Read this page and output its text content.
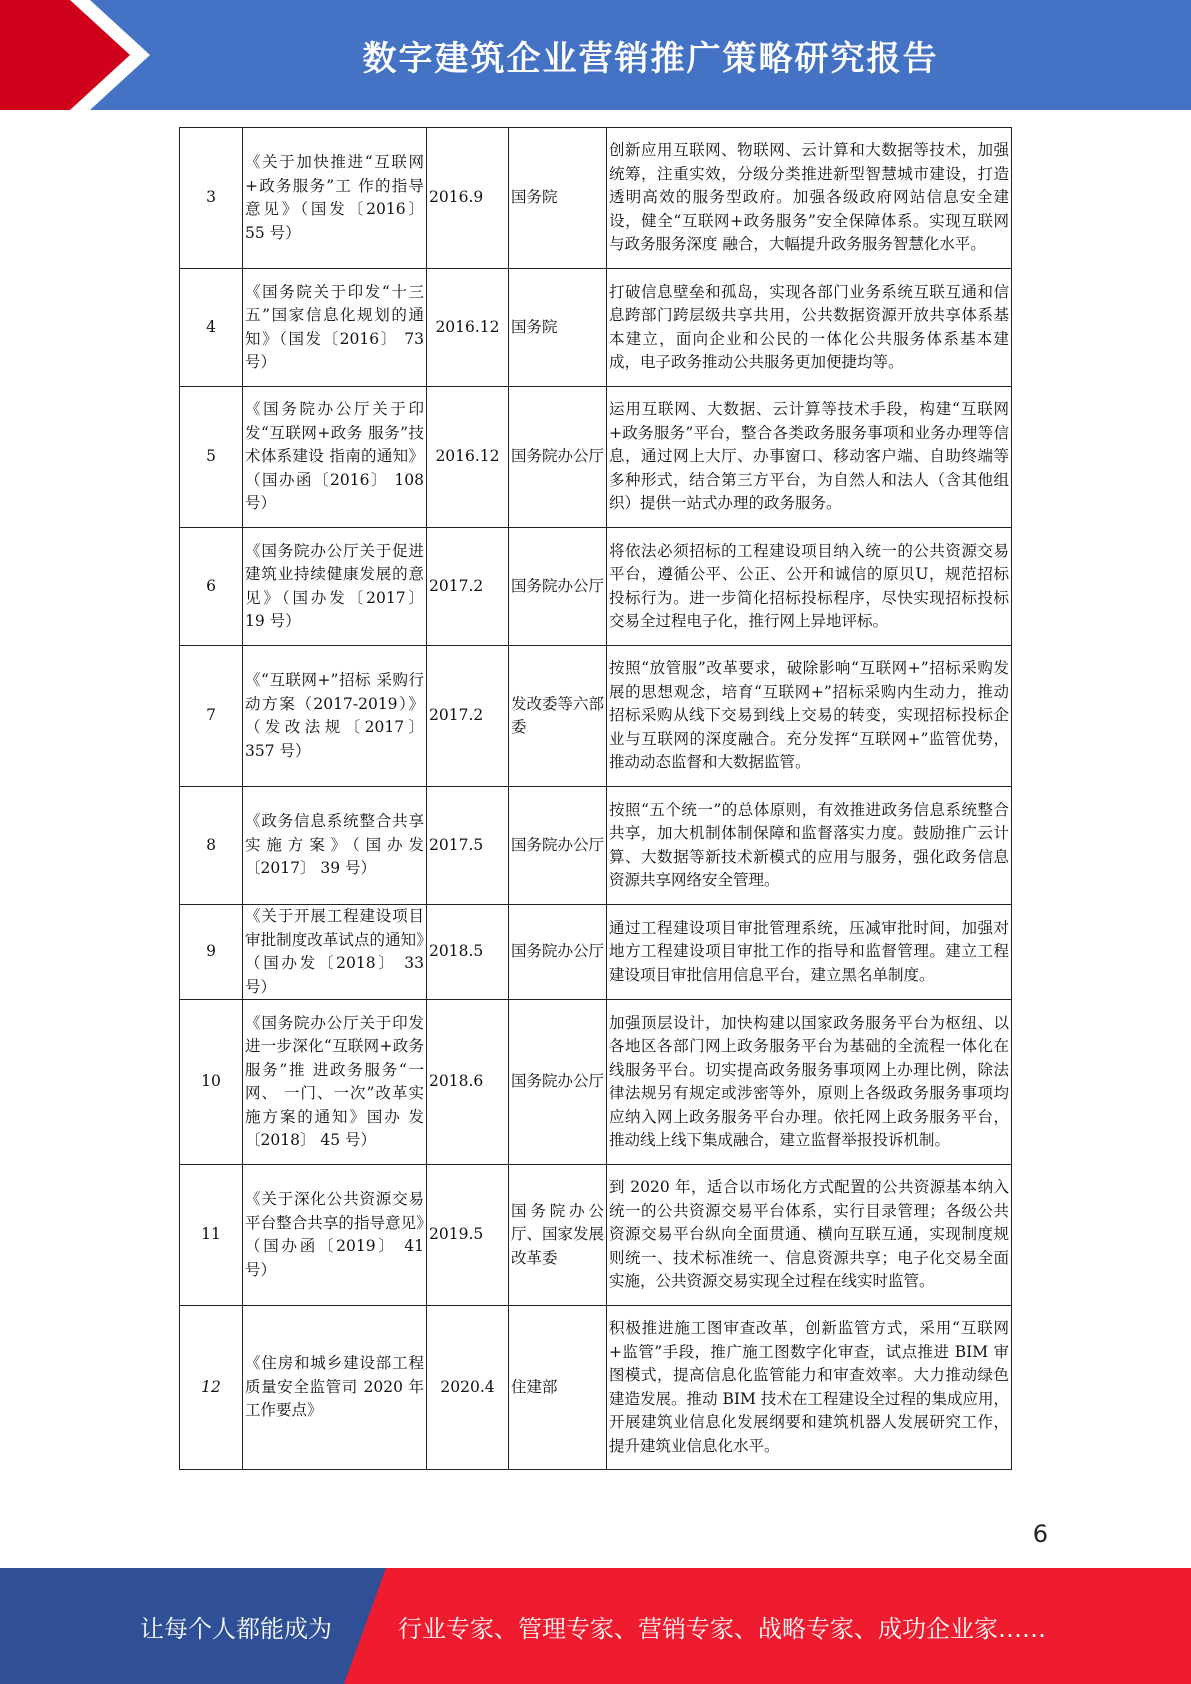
数字建筑企业营销推广策略研究报告
3	《关于加快推进“互联网+政务服务”工 作的指导意见》（国发〔2016〕 55 号）	2016.9	国务院	创新应用互联网、物联网、云计算和大数据等技术，加强统筹，注重实效，分级分类推进新型智慧城市建设，打造透明高效的服务型政府。加强各级政府网站信息安全建设，健全“互联网+政务服务”安全保障体系。实现互联网与政务服务深度 融合，大幅提升政务服务智慧化水平。
4	《国务院关于印发“十三五”国家信息化规划的通知》（国发〔2016〕 73 号）	2016.12	国务院	打破信息壁垒和孤岛，实现各部门业务系统互联互通和信息跨部门跨层级共享共用，公共数据资源开放共享体系基本建立，面向企业和公民的一体化公共服务体系基本建成，电子政务推动公共服务更加便捷均等。
5	《国务院办公厅关于印发“互联网+政务 服务”技术体系建设 指南的通知》（国办函〔2016〕 108 号）	2016.12	国务院办公厅	运用互联网、大数据、云计算等技术手段，构建“互联网+政务服务”平台，整合各类政务服务事项和业务办理等信息，通过网上大厅、办事窗口、移动客户端、自助终端等多种形式，结合第三方平台，为自然人和法人（含其他组织）提供一站式办理的政务服务。
6	《国务院办公厅关于促进建筑业持续健康发展的意见》（国办发〔2017〕 19 号）	2017.2	国务院办公厅	将依法必须招标的工程建设项目纳入统一的公共资源交易平台，遵循公平、公正、公开和诚信的原贝U，规范招标投标行为。进一步简化招标投标程序，尽快实现招标投标交易全过程电子化，推行网上异地评标。
7	《“互联网+”招标 采购行动方案（2017-2019）》（发改法规〔2017〕 357 号）	2017.2	发改委等六部委	按照“放管服”改革要求，破除影响“互联网+”招标采购发展的思想观念，培育“互联网+”招标采购内生动力，推动招标采购从线下交易到线上交易的转变，实现招标投标企业与互联网的深度融合。充分发挥“互联网+”监管优势，推动动态监督和大数据监管。
8	《政务信息系统整合共享实施方案》（国办发〔2017〕 39 号）	2017.5	国务院办公厅	按照“五个统一”的总体原则，有效推进政务信息系统整合共享，加大机制体制保障和监督落实力度。鼓励推广云计算、大数据等新技术新模式的应用与服务，强化政务信息资源共享网络安全管理。
9	《关于开展工程建设项目审批制度改革试点的通知》（国办发〔2018〕 33 号）	2018.5	国务院办公厅	通过工程建设项目审批管理系统，压减审批时间，加强对地方工程建设项目审批工作的指导和监督管理。建立工程建设项目审批信用信息平台，建立黑名单制度。
10	《国务院办公厅关于印发进一步深化“互联网+政务服务”推 进政务服务“一网、 一门、一次”改革实 施方案的通知》国办 发〔2018〕 45 号）	2018.6	国务院办公厅	加强顶层设计，加快构建以国家政务服务平台为枢纽、以各地区各部门网上政务服务平台为基础的全流程一体化在线服务平台。切实提高政务服务事项网上办理比例，除法律法规另有规定或涉密等外，原则上各级政务服务事项均应纳入网上政务服务平台办理。依托网上政务服务平台，推动线上线下集成融合，建立监督举报投诉机制。
11	《关于深化公共资源交易平台整合共享的指导意见》（国办函〔2019〕 41 号）	2019.5	国务院办公厅、国家发展改革委	到 2020 年，适合以市场化方式配置的公共资源基本纳入统一的公共资源交易平台体系，实行目录管理；各级公共资源交易平台纵向全面贯通、横向互联互通，实现制度规则统一、技术标准统一、信息资源共享；电子化交易全面实施，公共资源交易实现全过程在线实时监管。
12	《住房和城乡建设部工程质量安全监管司 2020 年工作要点》	2020.4	住建部	积极推进施工图审查改革，创新监管方式，采用“互联网+监管”手段，推广施工图数字化审查，试点推进 BIM 审图模式，提高信息化监管能力和审查效率。大力推动绿色建造发展。推动 BIM 技术在工程建设全过程的集成应用，开展建筑业信息化发展纲要和建筑机器人发展研究工作，提升建筑业信息化水平。
6
让每个人都能成为	行业专家、管理专家、营销专家、战略专家、成功企业家……
